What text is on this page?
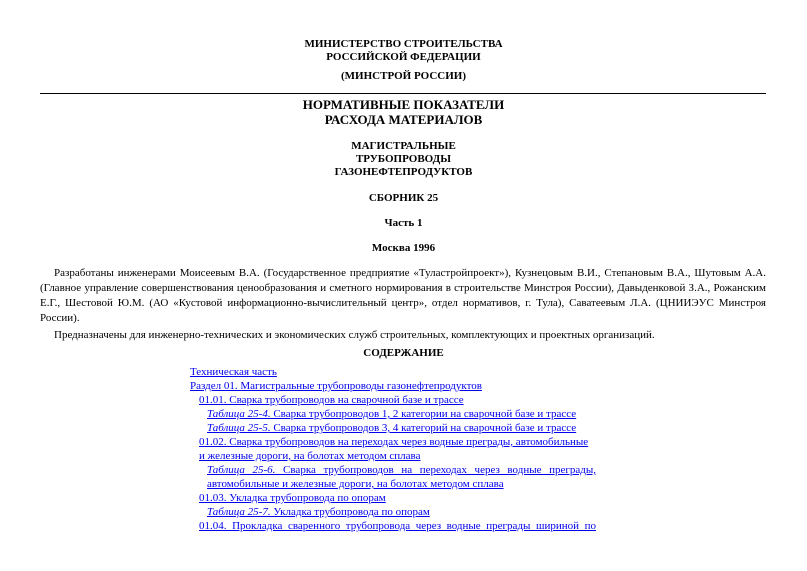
МИНИСТЕРСТВО СТРОИТЕЛЬСТВА

РОССИЙСКОЙ ФЕДЕРАЦИИ

(МИНСТРОЙ РОССИИ)

НОРМАТИВНЫЕ ПОКАЗАТЕЛИ

РАСХОДА МАТЕРИАЛОВ

МАГИСТРАЛЬНЫЕ

ТРУБОПРОВОДЫ

ГАЗОНЕФТЕПРОДУКТОВ

СБОРНИК 25

Часть 1

Москва 1996

Разработаны инженерами Моисеевым В.А. (Государственное предприятие «Туластройпроект»), Кузнецовым В.И., Степановым В.А., Шутовым А.А. (Главное управление совершенствования ценообразования и сметного нормирования в строительстве Минстроя России), Давыденковой З.А., Рожанским Е.Г., Шестовой Ю.М. (АО «Кустовой информационно-вычислительный центр», отдел нормативов, г. Тула), Саватеевым Л.А. (ЦНИИЭУС Минстроя России).

Предназначены для инженерно-технических и экономических служб строительных, комплектующих и проектных организаций.

СОДЕРЖАНИЕ

Техническая часть
Раздел 01. Магистральные трубопроводы газонефтепродуктов
01.01. Сварка трубопроводов на сварочной базе и трассе
Таблица 25-4. Сварка трубопроводов 1, 2 категории на сварочной базе и трассе
Таблица 25-5. Сварка трубопроводов 3, 4 категорий на сварочной базе и трассе
01.02. Сварка трубопроводов на переходах через водные преграды, автомобильные
и железные дороги, на болотах методом сплава
Таблица 25-6. Сварка трубопроводов на переходах через водные преграды,
автомобильные и железные дороги, на болотах методом сплава
01.03. Укладка трубопровода по опорам
Таблица 25-7. Укладка трубопровода по опорам
01.04. Прокладка сваренного трубопровода через водные преграды шириной по
